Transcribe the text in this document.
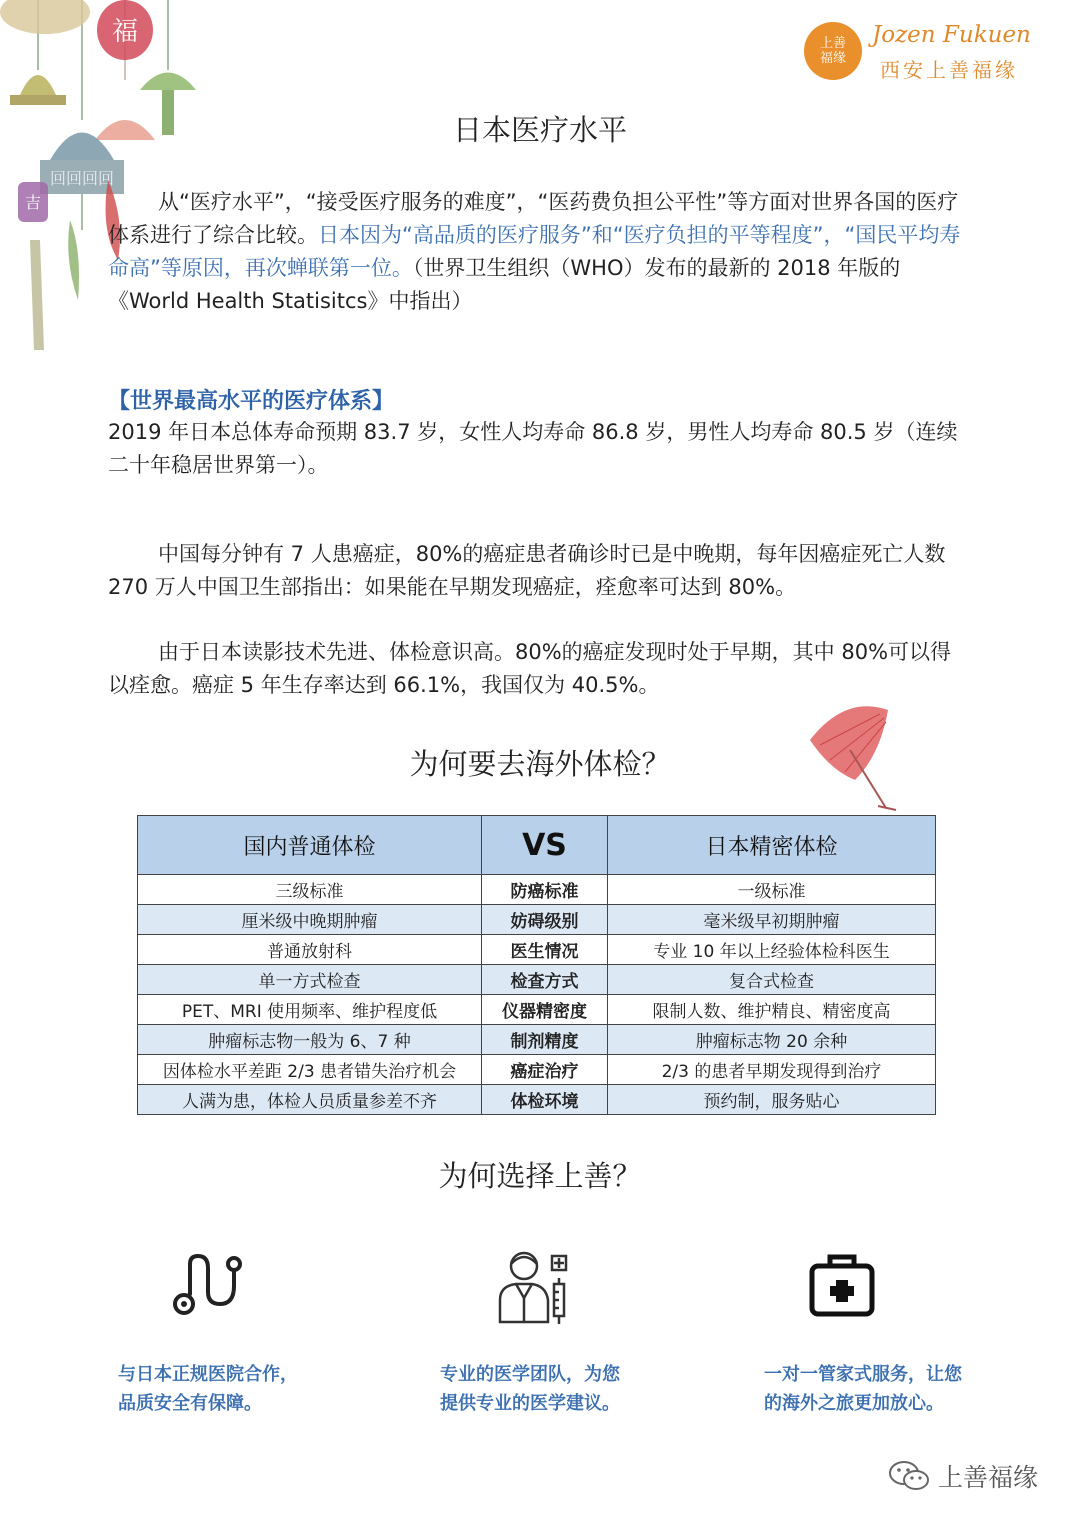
福
回回回回
吉
上善
福缘
Jozen Fukuen
西安上善福缘
日本医疗水平

从“医疗水平”，“接受医疗服务的难度”，“医药费负担公平性”等方面对世界各国的医疗体系进行了综合比较。日本因为“高品质的医疗服务”和“医疗负担的平等程度”，“国民平均寿命高”等原因，再次蝉联第一位。（世界卫生组织（WHO）发布的最新的 2018 年版的《World Health Statisitcs》中指出）

【世界最高水平的医疗体系】

2019 年日本总体寿命预期 83.7 岁，女性人均寿命 86.8 岁，男性人均寿命 80.5 岁（连续二十年稳居世界第一）。

中国每分钟有 7 人患癌症，80%的癌症患者确诊时已是中晚期，每年因癌症死亡人数 270 万人中国卫生部指出：如果能在早期发现癌症，痊愈率可达到 80%。

由于日本读影技术先进、体检意识高。80%的癌症发现时处于早期，其中 80%可以得以痊愈。癌症 5 年生存率达到 66.1%，我国仅为 40.5%。

为何要去海外体检？
国内普通体检	VS	日本精密体检
三级标准	防癌标准	一级标准
厘米级中晚期肿瘤	妨碍级别	毫米级早初期肿瘤
普通放射科	医生情况	专业 10 年以上经验体检科医生
单一方式检查	检查方式	复合式检查
PET、MRI 使用频率、维护程度低	仪器精密度	限制人数、维护精良、精密度高
肿瘤标志物一般为 6、7 种	制剂精度	肿瘤标志物 20 余种
因体检水平差距 2/3 患者错失治疗机会	癌症治疗	2/3 的患者早期发现得到治疗
人满为患，体检人员质量参差不齐	体检环境	预约制，服务贴心
为何选择上善？
与日本正规医院合作，
品质安全有保障。
专业的医学团队，为您
提供专业的医学建议。
一对一管家式服务，让您
的海外之旅更加放心。
上善福缘
